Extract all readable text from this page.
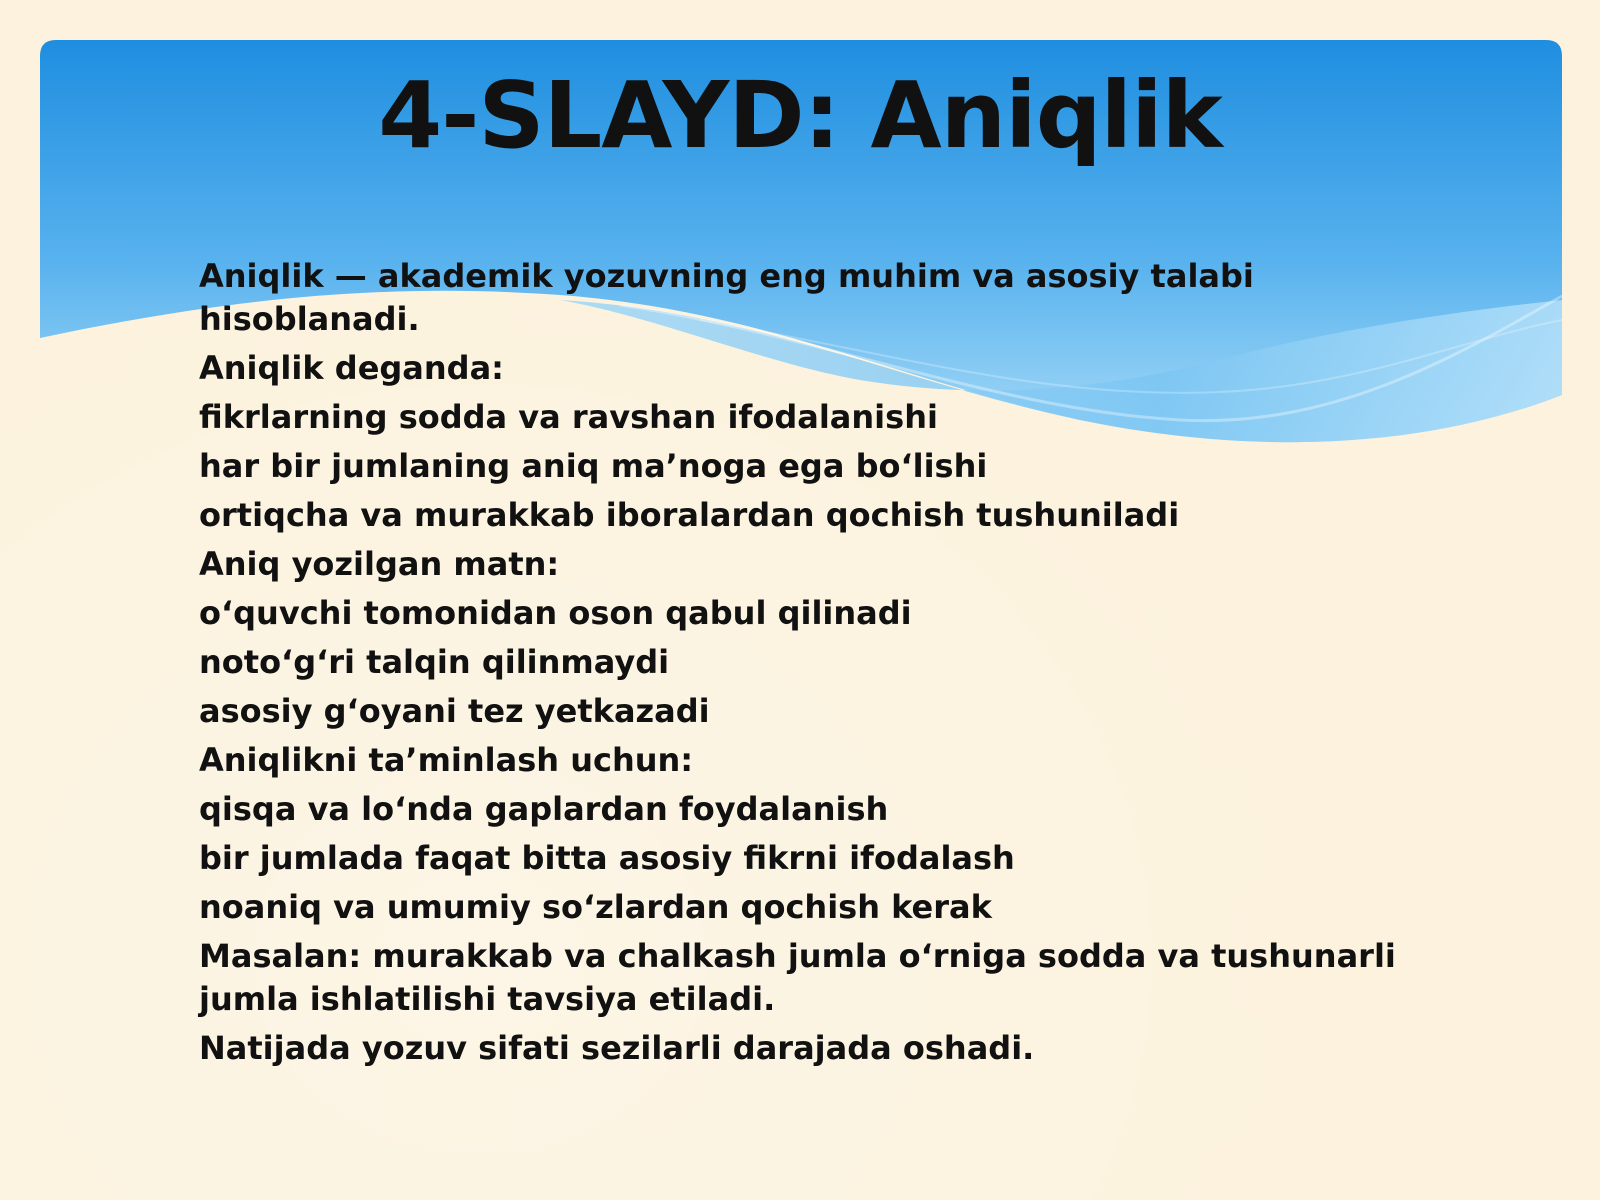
4-SLAYD: Aniqlik

Aniqlik — akademik yozuvning eng muhim va asosiy talabi hisoblanadi.

Aniqlik deganda:

fikrlarning sodda va ravshan ifodalanishi

har bir jumlaning aniq ma’noga ega bo‘lishi

ortiqcha va murakkab iboralardan qochish tushuniladi

Aniq yozilgan matn:

o‘quvchi tomonidan oson qabul qilinadi

noto‘g‘ri talqin qilinmaydi

asosiy g‘oyani tez yetkazadi

Aniqlikni ta’minlash uchun:

qisqa va lo‘nda gaplardan foydalanish

bir jumlada faqat bitta asosiy fikrni ifodalash

noaniq va umumiy so‘zlardan qochish kerak

Masalan: murakkab va chalkash jumla o‘rniga sodda va tushunarli jumla ishlatilishi tavsiya etiladi.

Natijada yozuv sifati sezilarli darajada oshadi.
